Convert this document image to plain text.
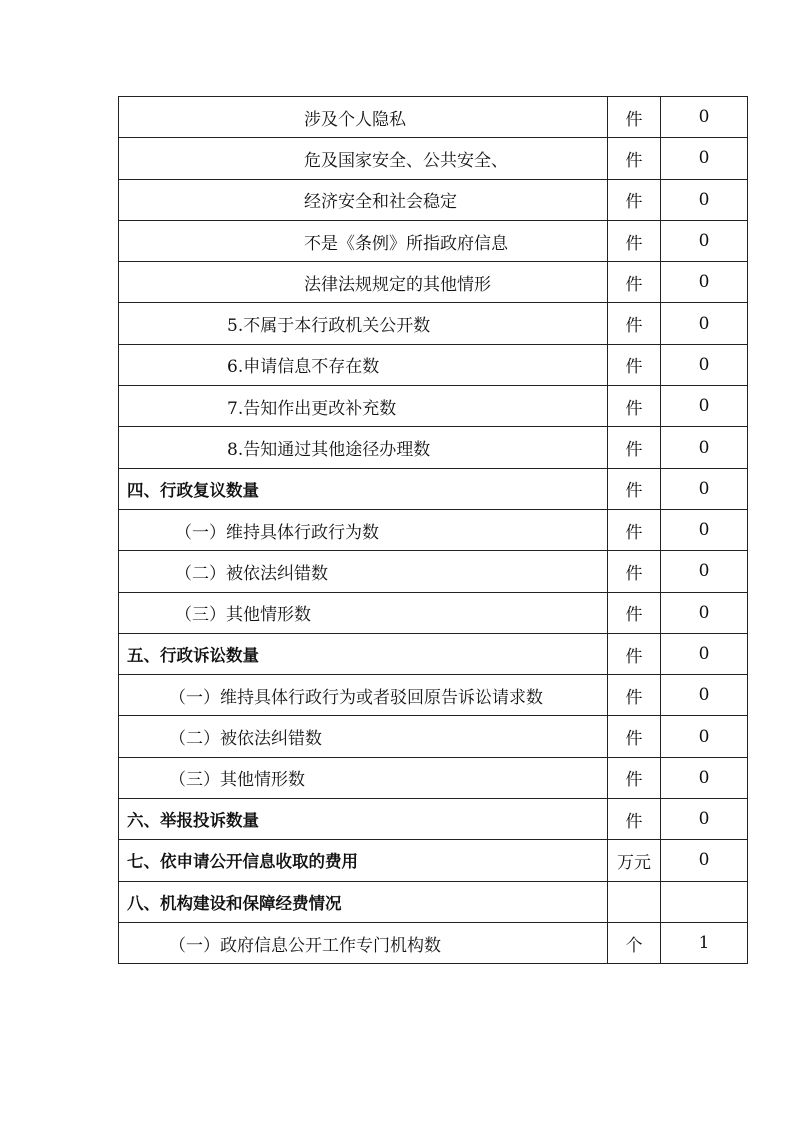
涉及个人隐私	件	0
危及国家安全、公共安全、	件	0
经济安全和社会稳定	件	0
不是《条例》所指政府信息	件	0
法律法规规定的其他情形	件	0
5.不属于本行政机关公开数	件	0
6.申请信息不存在数	件	0
7.告知作出更改补充数	件	0
8.告知通过其他途径办理数	件	0
四、行政复议数量	件	0
（一）维持具体行政行为数	件	0
（二）被依法纠错数	件	0
（三）其他情形数	件	0
五、行政诉讼数量	件	0
（一）维持具体行政行为或者驳回原告诉讼请求数	件	0
（二）被依法纠错数	件	0
（三）其他情形数	件	0
六、举报投诉数量	件	0
七、依申请公开信息收取的费用	万元	0
八、机构建设和保障经费情况		
（一）政府信息公开工作专门机构数	个	1
